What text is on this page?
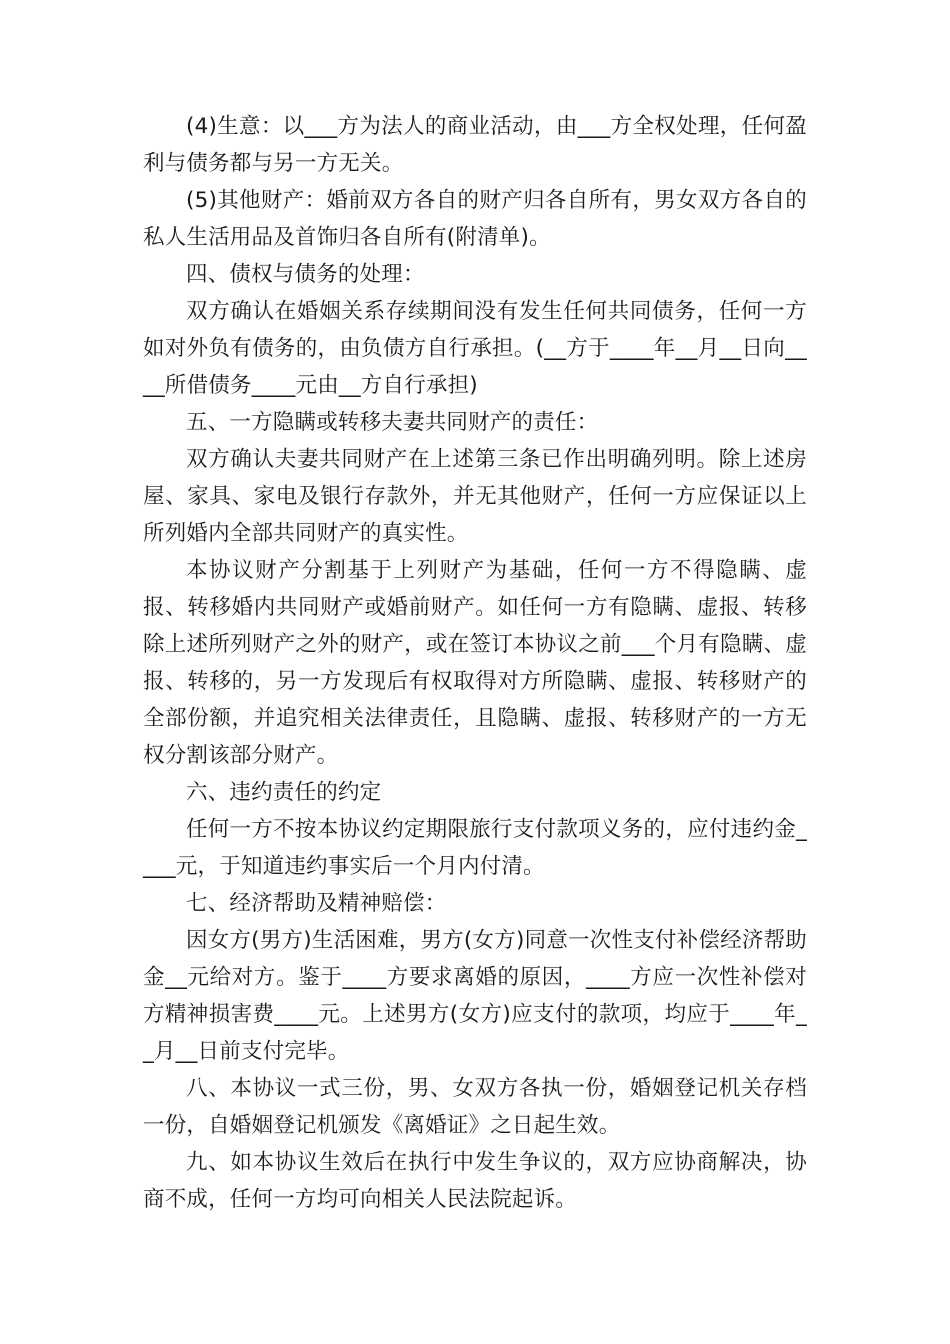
(4)生意：以___方为法人的商业活动，由___方全权处理，任何盈利与债务都与另一方无关。

(5)其他财产：婚前双方各自的财产归各自所有，男女双方各自的私人生活用品及首饰归各自所有(附清单)。

四、债权与债务的处理：

双方确认在婚姻关系存续期间没有发生任何共同债务，任何一方如对外负有债务的，由负债方自行承担。(__方于____年__月__日向____所借债务____元由__方自行承担)

五、一方隐瞒或转移夫妻共同财产的责任：

双方确认夫妻共同财产在上述第三条已作出明确列明。除上述房屋、家具、家电及银行存款外，并无其他财产，任何一方应保证以上所列婚内全部共同财产的真实性。

本协议财产分割基于上列财产为基础，任何一方不得隐瞒、虚报、转移婚内共同财产或婚前财产。如任何一方有隐瞒、虚报、转移除上述所列财产之外的财产，或在签订本协议之前___个月有隐瞒、虚报、转移的，另一方发现后有权取得对方所隐瞒、虚报、转移财产的全部份额，并追究相关法律责任，且隐瞒、虚报、转移财产的一方无权分割该部分财产。

六、违约责任的约定

任何一方不按本协议约定期限旅行支付款项义务的，应付违约金____元，于知道违约事实后一个月内付清。

七、经济帮助及精神赔偿：

因女方(男方)生活困难，男方(女方)同意一次性支付补偿经济帮助金__元给对方。鉴于____方要求离婚的原因，____方应一次性补偿对方精神损害费____元。上述男方(女方)应支付的款项，均应于____年__月__日前支付完毕。

八、本协议一式三份，男、女双方各执一份，婚姻登记机关存档一份，自婚姻登记机颁发《离婚证》之日起生效。

九、如本协议生效后在执行中发生争议的，双方应协商解决，协商不成，任何一方均可向相关人民法院起诉。
